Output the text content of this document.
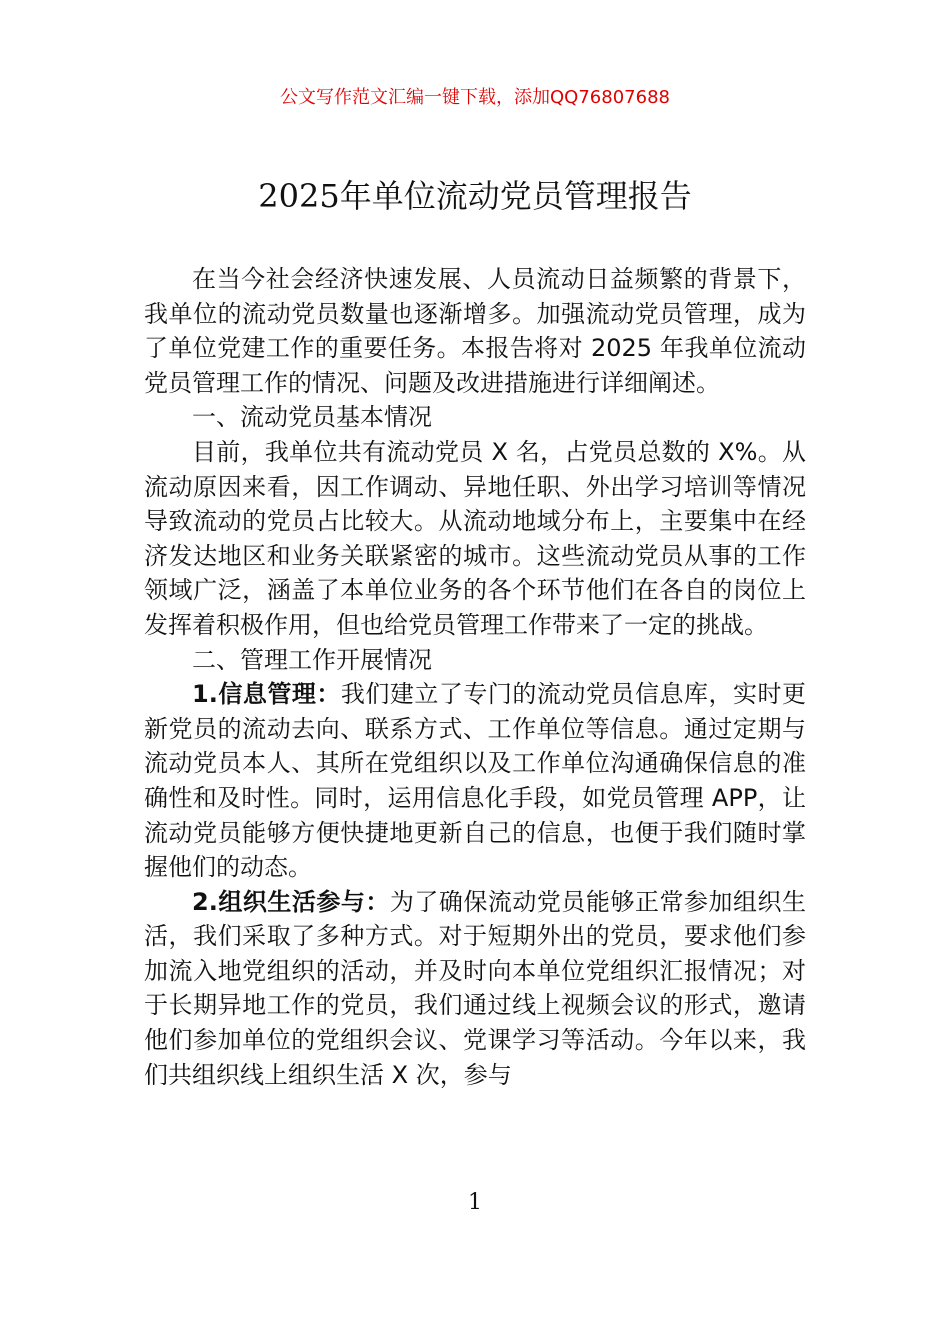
公文写作范文汇编一键下载，添加QQ76807688
2025年单位流动党员管理报告

在当今社会经济快速发展、人员流动日益频繁的背景下，我单位的流动党员数量也逐渐增多。加强流动党员管理，成为了单位党建工作的重要任务。本报告将对 2025 年我单位流动党员管理工作的情况、问题及改进措施进行详细阐述。

一、流动党员基本情况

目前，我单位共有流动党员 X 名，占党员总数的 X%。从流动原因来看，因工作调动、异地任职、外出学习培训等情况导致流动的党员占比较大。从流动地域分布上，主要集中在经济发达地区和业务关联紧密的城市。这些流动党员从事的工作领域广泛，涵盖了本单位业务的各个环节他们在各自的岗位上发挥着积极作用，但也给党员管理工作带来了一定的挑战。

二、管理工作开展情况

1.信息管理：我们建立了专门的流动党员信息库，实时更新党员的流动去向、联系方式、工作单位等信息。通过定期与流动党员本人、其所在党组织以及工作单位沟通确保信息的准确性和及时性。同时，运用信息化手段，如党员管理 APP，让流动党员能够方便快捷地更新自己的信息，也便于我们随时掌握他们的动态。

2.组织生活参与：为了确保流动党员能够正常参加组织生活，我们采取了多种方式。对于短期外出的党员，要求他们参加流入地党组织的活动，并及时向本单位党组织汇报情况；对于长期异地工作的党员，我们通过线上视频会议的形式，邀请他们参加单位的党组织会议、党课学习等活动。今年以来，我们共组织线上组织生活 X 次，参与

1
